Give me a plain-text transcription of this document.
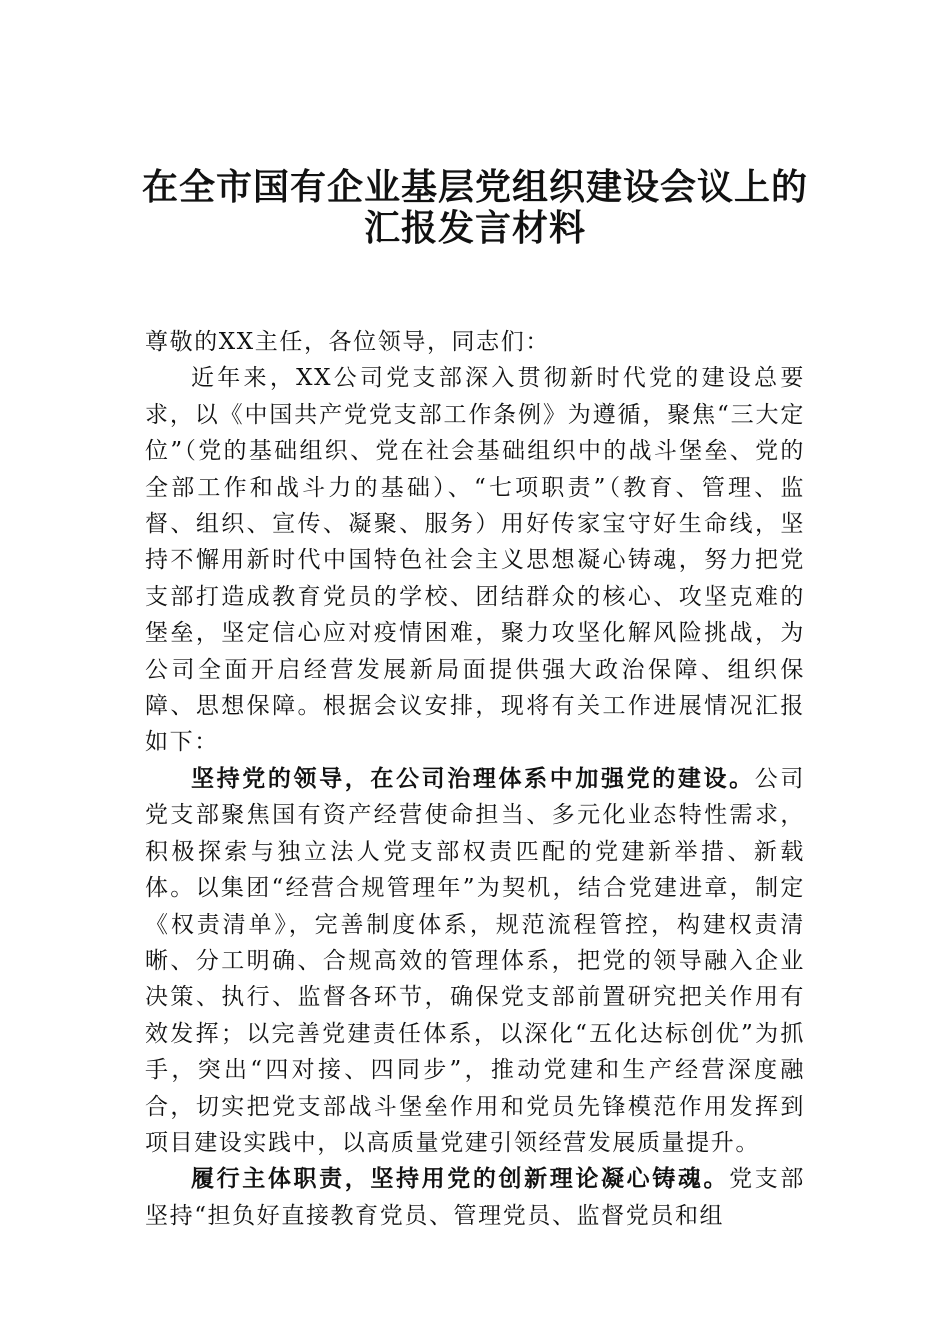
在全市国有企业基层党组织建设会议上的
汇报发言材料

尊敬的XX主任，各位领导，同志们：

近年来，XX公司党支部深入贯彻新时代党的建设总要求，以《中国共产党党支部工作条例》为遵循，聚焦“三大定位”（党的基础组织、党在社会基础组织中的战斗堡垒、党的全部工作和战斗力的基础）、“七项职责”（教育、管理、监督、组织、宣传、凝聚、服务）用好传家宝守好生命线，坚持不懈用新时代中国特色社会主义思想凝心铸魂，努力把党支部打造成教育党员的学校、团结群众的核心、攻坚克难的堡垒，坚定信心应对疫情困难，聚力攻坚化解风险挑战，为公司全面开启经营发展新局面提供强大政治保障、组织保障、思想保障。根据会议安排，现将有关工作进展情况汇报如下：

坚持党的领导，在公司治理体系中加强党的建设。公司党支部聚焦国有资产经营使命担当、多元化业态特性需求，积极探索与独立法人党支部权责匹配的党建新举措、新载体。以集团“经营合规管理年”为契机，结合党建进章，制定《权责清单》，完善制度体系，规范流程管控，构建权责清晰、分工明确、合规高效的管理体系，把党的领导融入企业决策、执行、监督各环节，确保党支部前置研究把关作用有效发挥；以完善党建责任体系，以深化“五化达标创优”为抓手，突出“四对接、四同步”，推动党建和生产经营深度融合，切实把党支部战斗堡垒作用和党员先锋模范作用发挥到项目建设实践中，以高质量党建引领经营发展质量提升。

履行主体职责，坚持用党的创新理论凝心铸魂。党支部坚持“担负好直接教育党员、管理党员、监督党员和组
